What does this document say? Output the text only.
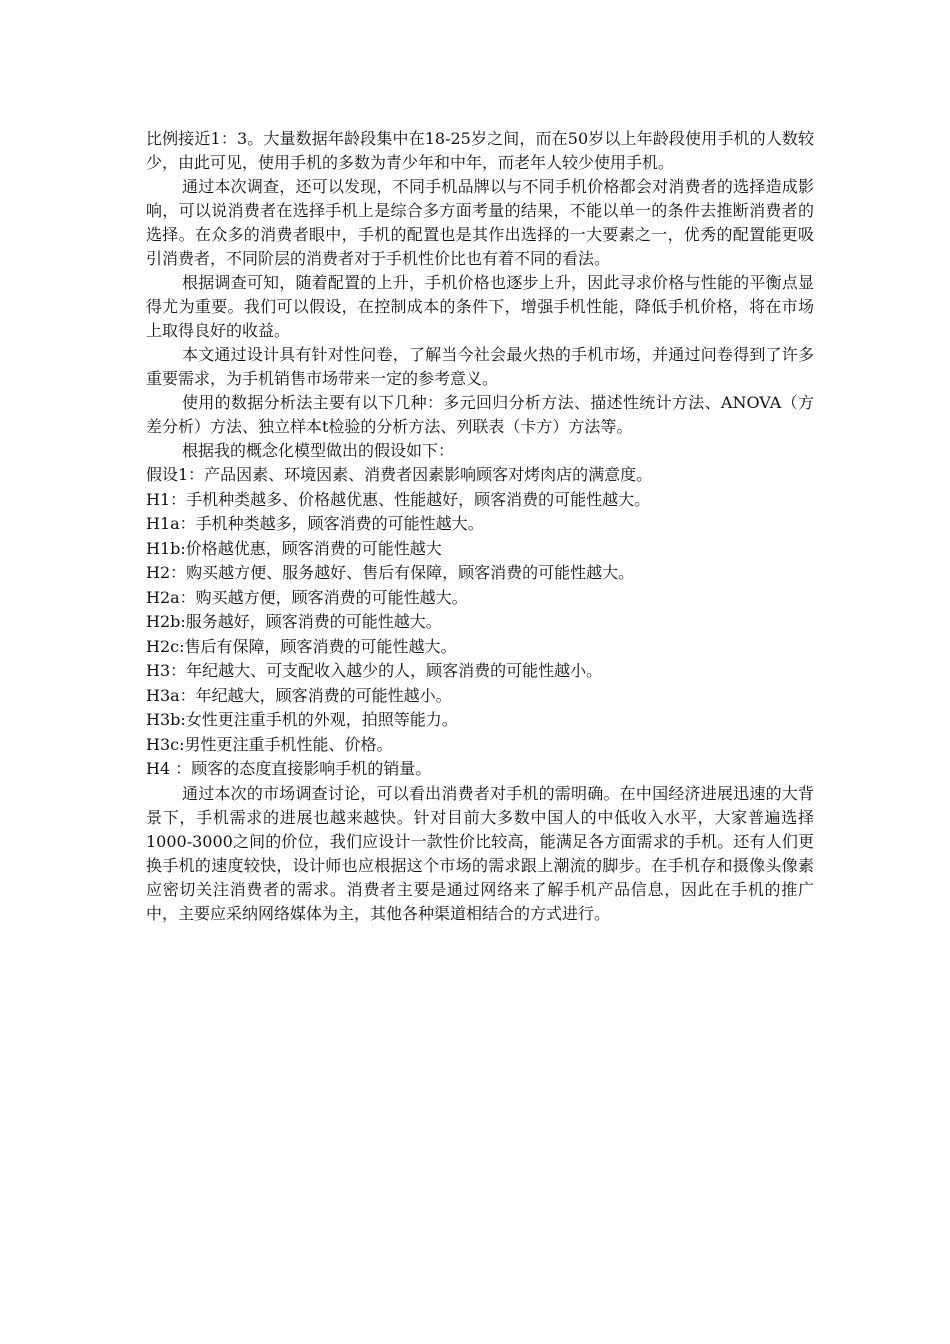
比例接近1：3。大量数据年龄段集中在18-25岁之间，而在50岁以上年龄段使用手机的人数较少，由此可见，使用手机的多数为青少年和中年，而老年人较少使用手机。

通过本次调查，还可以发现，不同手机品牌以与不同手机价格都会对消费者的选择造成影响，可以说消费者在选择手机上是综合多方面考量的结果，不能以单一的条件去推断消费者的选择。在众多的消费者眼中，手机的配置也是其作出选择的一大要素之一，优秀的配置能更吸引消费者，不同阶层的消费者对于手机性价比也有着不同的看法。

根据调查可知，随着配置的上升，手机价格也逐步上升，因此寻求价格与性能的平衡点显得尤为重要。我们可以假设，在控制成本的条件下，增强手机性能，降低手机价格，将在市场上取得良好的收益。

本文通过设计具有针对性问卷，了解当今社会最火热的手机市场，并通过问卷得到了许多重要需求，为手机销售市场带来一定的参考意义。

使用的数据分析法主要有以下几种：多元回归分析方法、描述性统计方法、ANOVA（方差分析）方法、独立样本t检验的分析方法、列联表（卡方）方法等。

根据我的概念化模型做出的假设如下：

假设1：产品因素、环境因素、消费者因素影响顾客对烤肉店的满意度。

H1：手机种类越多、价格越优惠、性能越好，顾客消费的可能性越大。

H1a：手机种类越多，顾客消费的可能性越大。

H1b:价格越优惠，顾客消费的可能性越大

H2：购买越方便、服务越好、售后有保障，顾客消费的可能性越大。

H2a：购买越方便，顾客消费的可能性越大。

H2b:服务越好，顾客消费的可能性越大。

H2c:售后有保障，顾客消费的可能性越大。

H3：年纪越大、可支配收入越少的人，顾客消费的可能性越小。

H3a：年纪越大，顾客消费的可能性越小。

H3b:女性更注重手机的外观，拍照等能力。

H3c:男性更注重手机性能、价格。

H4 ：顾客的态度直接影响手机的销量。

通过本次的市场调查讨论，可以看出消费者对手机的需明确。在中国经济进展迅速的大背景下，手机需求的进展也越来越快。针对目前大多数中国人的中低收入水平，大家普遍选择1000-3000之间的价位，我们应设计一款性价比较高，能满足各方面需求的手机。还有人们更换手机的速度较快，设计师也应根据这个市场的需求跟上潮流的脚步。在手机存和摄像头像素应密切关注消费者的需求。消费者主要是通过网络来了解手机产品信息，因此在手机的推广中，主要应采纳网络媒体为主，其他各种渠道相结合的方式进行。
